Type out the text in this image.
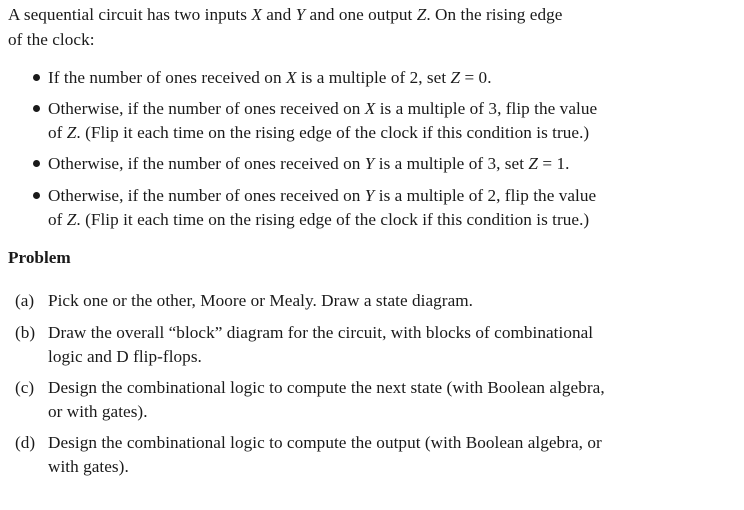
A sequential circuit has two inputs X and Y and one output Z. On the rising edge
of the clock:
If the number of ones received on X is a multiple of 2, set Z = 0.
Otherwise, if the number of ones received on X is a multiple of 3, flip the value
of Z. (Flip it each time on the rising edge of the clock if this condition is true.)
Otherwise, if the number of ones received on Y is a multiple of 3, set Z = 1.
Otherwise, if the number of ones received on Y is a multiple of 2, flip the value
of Z. (Flip it each time on the rising edge of the clock if this condition is true.)
Problem
(a) Pick one or the other, Moore or Mealy. Draw a state diagram.
(b) Draw the overall “block” diagram for the circuit, with blocks of combinational
logic and D flip-flops.
(c) Design the combinational logic to compute the next state (with Boolean algebra,
or with gates).
(d) Design the combinational logic to compute the output (with Boolean algebra, or
with gates).
